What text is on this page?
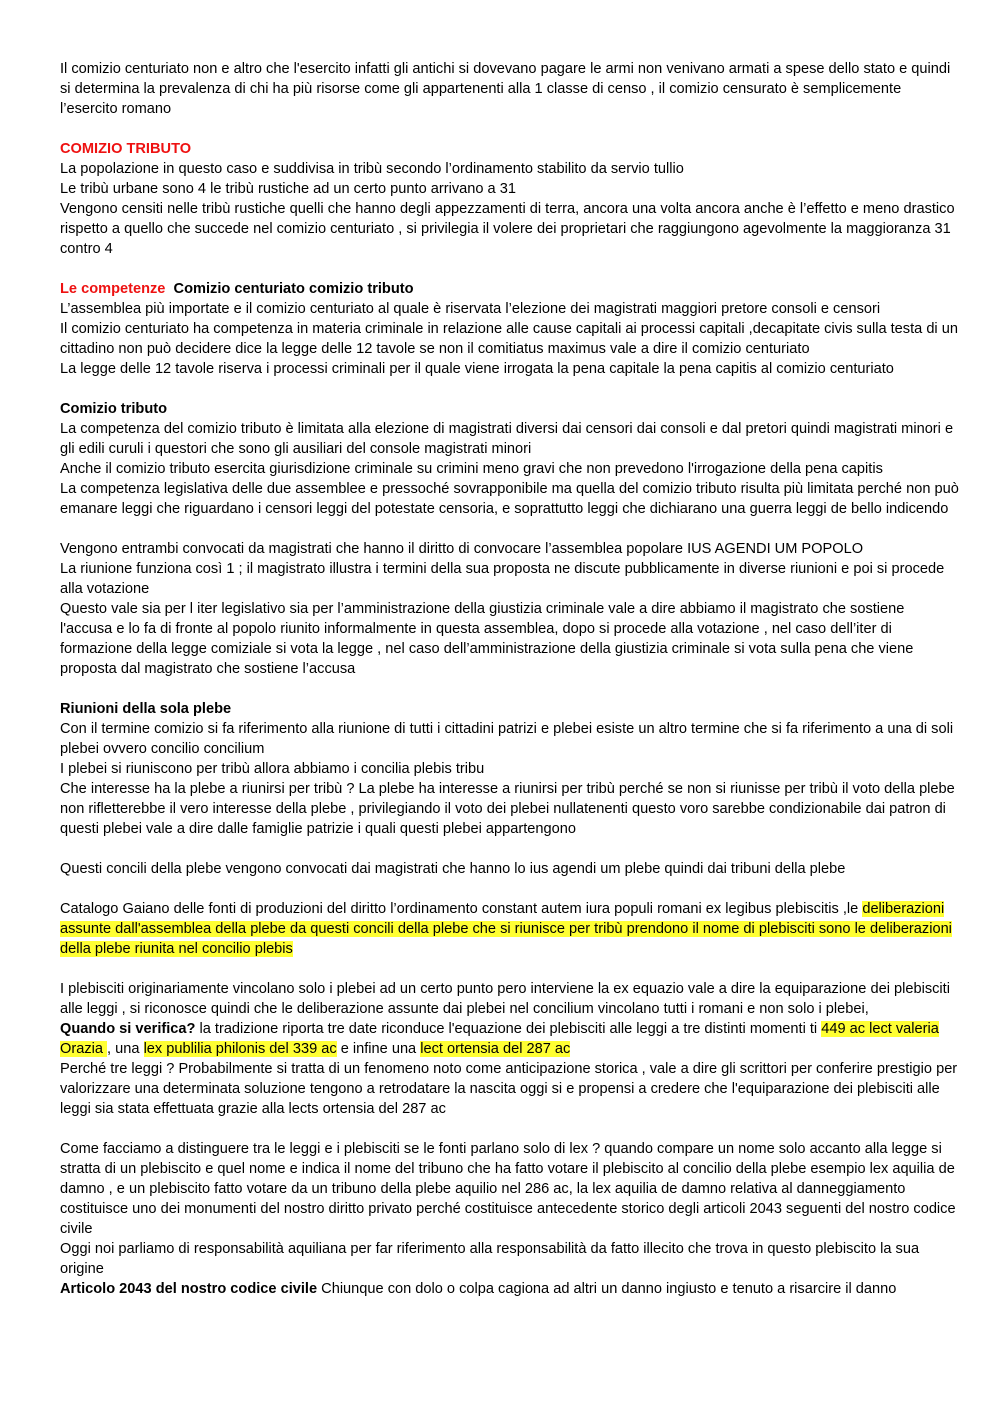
Il comizio centuriato non e altro che l'esercito infatti gli antichi si dovevano pagare le armi non venivano armati a spese dello stato e quindi si determina la prevalenza di chi ha più risorse come gli appartenenti alla 1 classe di censo , il comizio censurato è semplicemente l’esercito romano

COMIZIO TRIBUTO

La popolazione in questo caso e suddivisa in tribù secondo l’ordinamento stabilito da servio tullio

Le tribù urbane sono 4 le tribù rustiche ad un certo punto arrivano a 31

Vengono censiti nelle tribù rustiche quelli che hanno degli appezzamenti di terra, ancora una volta ancora anche è l’effetto e meno drastico rispetto a quello che succede nel comizio centuriato , si privilegia il volere dei proprietari che raggiungono agevolmente la maggioranza 31 contro 4

Le competenze Comizio centuriato comizio tributo

L’assemblea più importate e il comizio centuriato al quale è riservata l’elezione dei magistrati maggiori pretore consoli e censori

Il comizio centuriato ha competenza in materia criminale in relazione alle cause capitali ai processi capitali ,decapitate civis sulla testa di un cittadino non può decidere dice la legge delle 12 tavole se non il comitiatus maximus vale a dire il comizio centuriato

La legge delle 12 tavole riserva i processi criminali per il quale viene irrogata la pena capitale la pena capitis al comizio centuriato

Comizio tributo

La competenza del comizio tributo è limitata alla elezione di magistrati diversi dai censori dai consoli e dal pretori quindi magistrati minori e gli edili curuli i questori che sono gli ausiliari del console magistrati minori

Anche il comizio tributo esercita giurisdizione criminale su crimini meno gravi che non prevedono l'irrogazione della pena capitis

La competenza legislativa delle due assemblee e pressoché sovrapponibile ma quella del comizio tributo risulta più limitata perché non può emanare leggi che riguardano i censori leggi del potestate censoria, e soprattutto leggi che dichiarano una guerra leggi de bello indicendo

Vengono entrambi convocati da magistrati che hanno il diritto di convocare l’assemblea popolare IUS AGENDI UM POPOLO

La riunione funziona così 1 ; il magistrato illustra i termini della sua proposta ne discute pubblicamente in diverse riunioni e poi si procede alla votazione

Questo vale sia per l iter legislativo sia per l’amministrazione della giustizia criminale vale a dire abbiamo il magistrato che sostiene l'accusa e lo fa di fronte al popolo riunito informalmente in questa assemblea, dopo si procede alla votazione , nel caso dell’iter di formazione della legge comiziale si vota la legge , nel caso dell’amministrazione della giustizia criminale si vota sulla pena che viene proposta dal magistrato che sostiene l’accusa

Riunioni della sola plebe

Con il termine comizio si fa riferimento alla riunione di tutti i cittadini patrizi e plebei esiste un altro termine che si fa riferimento a una di soli plebei ovvero concilio concilium

I plebei si riuniscono per tribù allora abbiamo i concilia plebis tribu

Che interesse ha la plebe a riunirsi per tribù ? La plebe ha interesse a riunirsi per tribù perché se non si riunisse per tribù il voto della plebe non rifletterebbe il vero interesse della plebe , privilegiando il voto dei plebei nullatenenti questo voro sarebbe condizionabile dai patron di questi plebei vale a dire dalle famiglie patrizie i quali questi plebei appartengono

Questi concili della plebe vengono convocati dai magistrati che hanno lo ius agendi um plebe quindi dai tribuni della plebe

Catalogo Gaiano delle fonti di produzioni del diritto l’ordinamento constant autem iura populi romani ex legibus plebiscitis ,le deliberazioni assunte dall'assemblea della plebe da questi concili della plebe che si riunisce per tribù prendono il nome di plebisciti sono le deliberazioni della plebe riunita nel concilio plebis

I plebisciti originariamente vincolano solo i plebei ad un certo punto pero interviene la ex equazio vale a dire la equiparazione dei plebisciti alle leggi , si riconosce quindi che le deliberazione assunte dai plebei nel concilium vincolano tutti i romani e non solo i plebei,

Quando si verifica? la tradizione riporta tre date riconduce l'equazione dei plebisciti alle leggi a tre distinti momenti ti 449 ac lect valeria Orazia , una lex publilia philonis del 339 ac e infine una lect ortensia del 287 ac

Perché tre leggi ? Probabilmente si tratta di un fenomeno noto come anticipazione storica , vale a dire gli scrittori per conferire prestigio per valorizzare una determinata soluzione tengono a retrodatare la nascita oggi si e propensi a credere che l'equiparazione dei plebisciti alle leggi sia stata effettuata grazie alla lects ortensia del 287 ac

Come facciamo a distinguere tra le leggi e i plebisciti se le fonti parlano solo di lex ? quando compare un nome solo accanto alla legge si stratta di un plebiscito e quel nome e indica il nome del tribuno che ha fatto votare il plebiscito al concilio della plebe esempio lex aquilia de damno , e un plebiscito fatto votare da un tribuno della plebe aquilio nel 286 ac, la lex aquilia de damno relativa al danneggiamento costituisce uno dei monumenti del nostro diritto privato perché costituisce antecedente storico degli articoli 2043 seguenti del nostro codice civile

Oggi noi parliamo di responsabilità aquiliana per far riferimento alla responsabilità da fatto illecito che trova in questo plebiscito la sua origine

Articolo 2043 del nostro codice civile Chiunque con dolo o colpa cagiona ad altri un danno ingiusto e tenuto a risarcire il danno
